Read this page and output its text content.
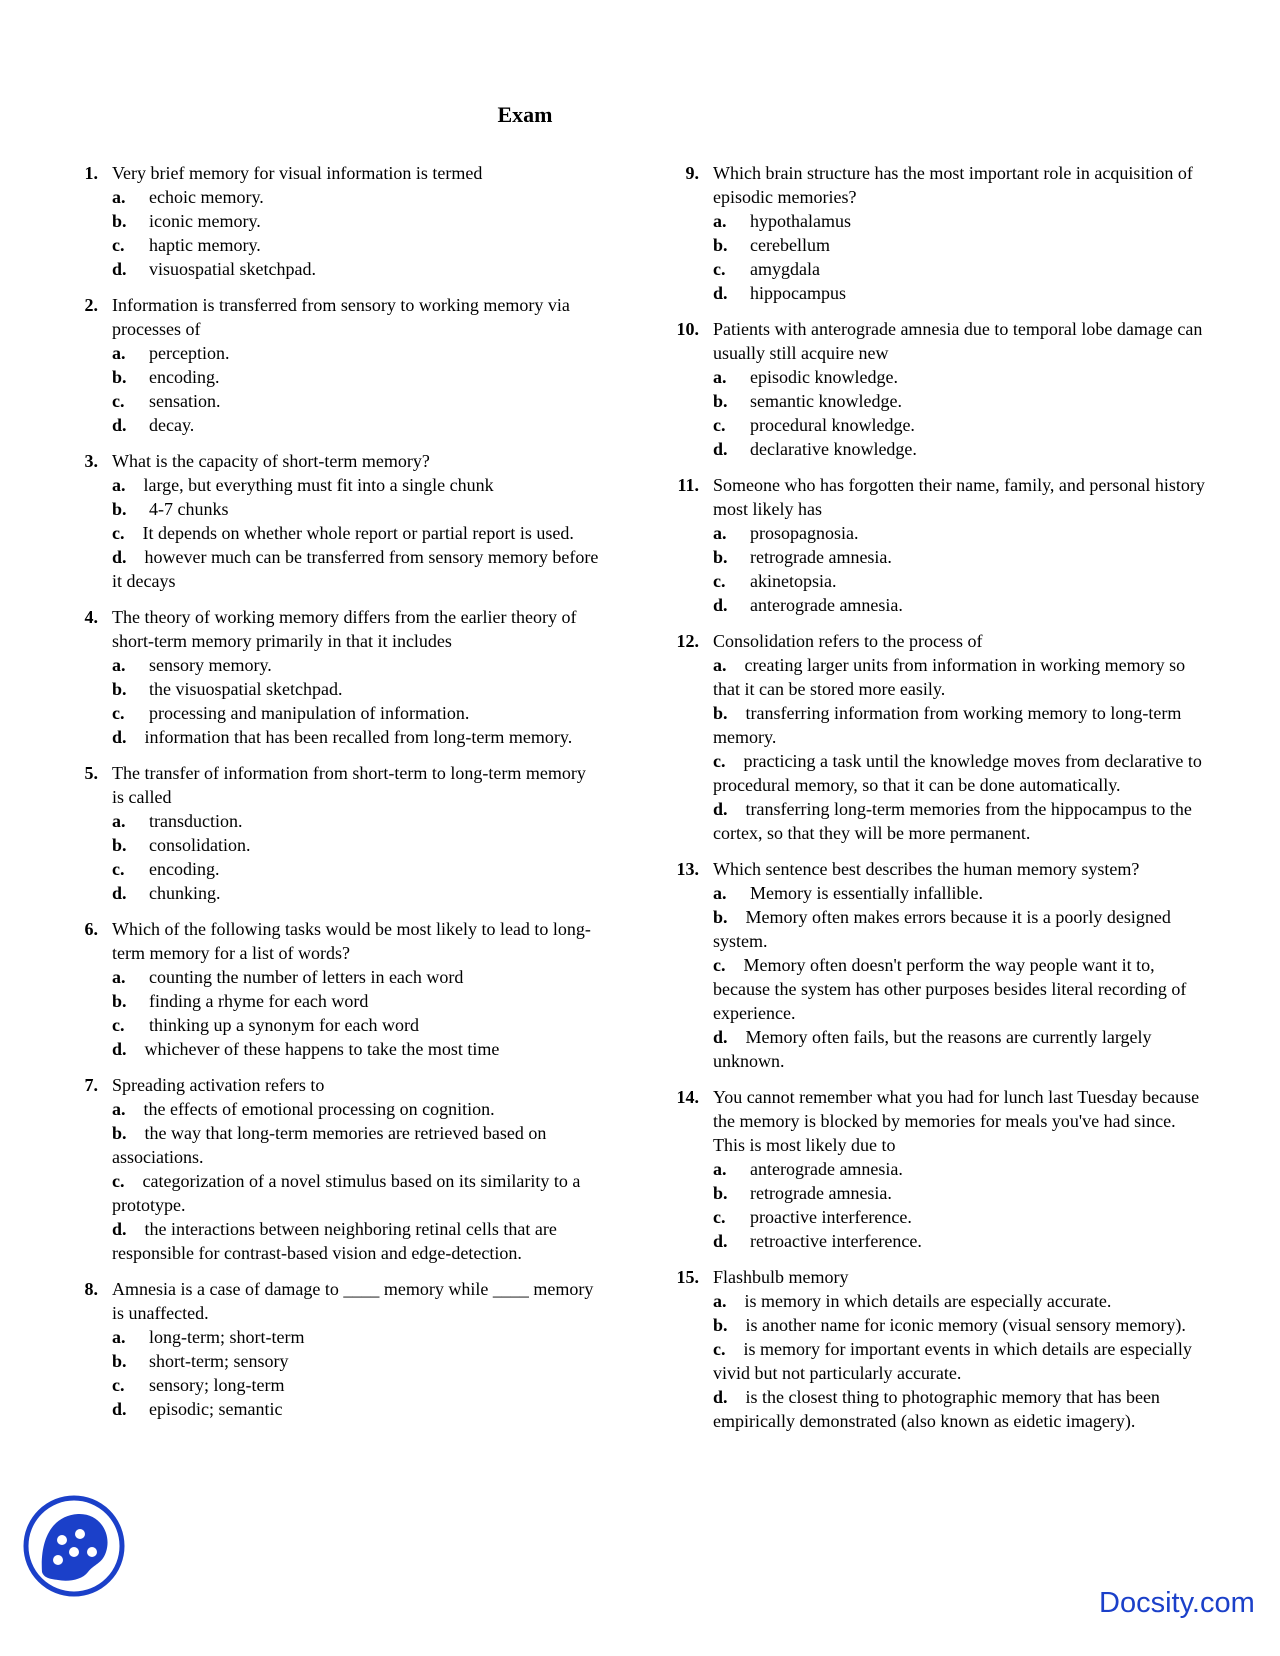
Exam
1. Very brief memory for visual information is termed
a. echoic memory.
b. iconic memory.
c. haptic memory.
d. visuospatial sketchpad.
2. Information is transferred from sensory to working memory via processes of
a. perception.
b. encoding.
c. sensation.
d. decay.
3. What is the capacity of short-term memory?
a. large, but everything must fit into a single chunk
b. 4-7 chunks
c. It depends on whether whole report or partial report is used.
d. however much can be transferred from sensory memory before it decays
4. The theory of working memory differs from the earlier theory of short-term memory primarily in that it includes
a. sensory memory.
b. the visuospatial sketchpad.
c. processing and manipulation of information.
d. information that has been recalled from long-term memory.
5. The transfer of information from short-term to long-term memory is called
a. transduction.
b. consolidation.
c. encoding.
d. chunking.
6. Which of the following tasks would be most likely to lead to long-term memory for a list of words?
a. counting the number of letters in each word
b. finding a rhyme for each word
c. thinking up a synonym for each word
d. whichever of these happens to take the most time
7. Spreading activation refers to
a. the effects of emotional processing on cognition.
b. the way that long-term memories are retrieved based on associations.
c. categorization of a novel stimulus based on its similarity to a prototype.
d. the interactions between neighboring retinal cells that are responsible for contrast-based vision and edge-detection.
8. Amnesia is a case of damage to ____ memory while ____ memory is unaffected.
a. long-term; short-term
b. short-term; sensory
c. sensory; long-term
d. episodic; semantic
9. Which brain structure has the most important role in acquisition of episodic memories?
a. hypothalamus
b. cerebellum
c. amygdala
d. hippocampus
10. Patients with anterograde amnesia due to temporal lobe damage can usually still acquire new
a. episodic knowledge.
b. semantic knowledge.
c. procedural knowledge.
d. declarative knowledge.
11. Someone who has forgotten their name, family, and personal history most likely has
a. prosopagnosia.
b. retrograde amnesia.
c. akinetopsia.
d. anterograde amnesia.
12. Consolidation refers to the process of
a. creating larger units from information in working memory so that it can be stored more easily.
b. transferring information from working memory to long-term memory.
c. practicing a task until the knowledge moves from declarative to procedural memory, so that it can be done automatically.
d. transferring long-term memories from the hippocampus to the cortex, so that they will be more permanent.
13. Which sentence best describes the human memory system?
a. Memory is essentially infallible.
b. Memory often makes errors because it is a poorly designed system.
c. Memory often doesn't perform the way people want it to, because the system has other purposes besides literal recording of experience.
d. Memory often fails, but the reasons are currently largely unknown.
14. You cannot remember what you had for lunch last Tuesday because the memory is blocked by memories for meals you've had since. This is most likely due to
a. anterograde amnesia.
b. retrograde amnesia.
c. proactive interference.
d. retroactive interference.
15. Flashbulb memory
a. is memory in which details are especially accurate.
b. is another name for iconic memory (visual sensory memory).
c. is memory for important events in which details are especially vivid but not particularly accurate.
d. is the closest thing to photographic memory that has been empirically demonstrated (also known as eidetic imagery).

Docsity.com
